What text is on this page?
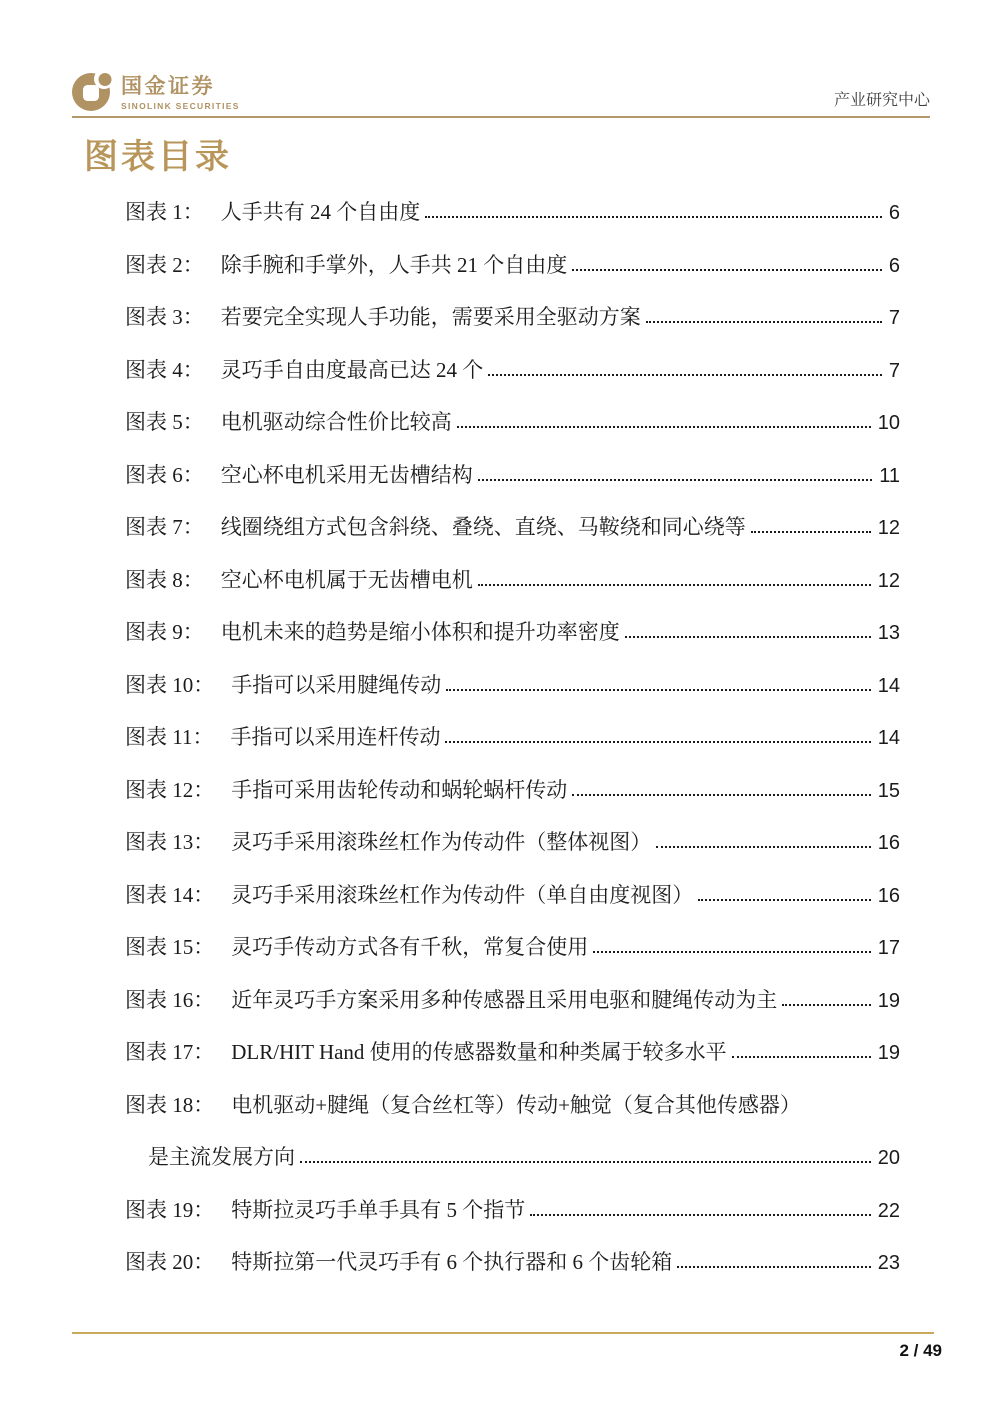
国金证券
SINOLINK SECURITIES	产业研究中心
图表目录
图表 1： 人手共有 24 个自由度	6
图表 2： 除手腕和手掌外，人手共 21 个自由度	6
图表 3： 若要完全实现人手功能，需要采用全驱动方案	7
图表 4： 灵巧手自由度最高已达 24 个	7
图表 5： 电机驱动综合性价比较高	10
图表 6： 空心杯电机采用无齿槽结构	11
图表 7： 线圈绕组方式包含斜绕、叠绕、直绕、马鞍绕和同心绕等	12
图表 8： 空心杯电机属于无齿槽电机	12
图表 9： 电机未来的趋势是缩小体积和提升功率密度	13
图表 10： 手指可以采用腱绳传动	14
图表 11： 手指可以采用连杆传动	14
图表 12： 手指可采用齿轮传动和蜗轮蜗杆传动	15
图表 13： 灵巧手采用滚珠丝杠作为传动件（整体视图）	16
图表 14： 灵巧手采用滚珠丝杠作为传动件（单自由度视图）	16
图表 15： 灵巧手传动方式各有千秋，常复合使用	17
图表 16： 近年灵巧手方案采用多种传感器且采用电驱和腱绳传动为主	19
图表 17： DLR/HIT Hand 使用的传感器数量和种类属于较多水平	19
图表 18： 电机驱动+腱绳（复合丝杠等）传动+触觉（复合其他传感器）
是主流发展方向	20
图表 19： 特斯拉灵巧手单手具有 5 个指节	22
图表 20： 特斯拉第一代灵巧手有 6 个执行器和 6 个齿轮箱	23
2 / 49
